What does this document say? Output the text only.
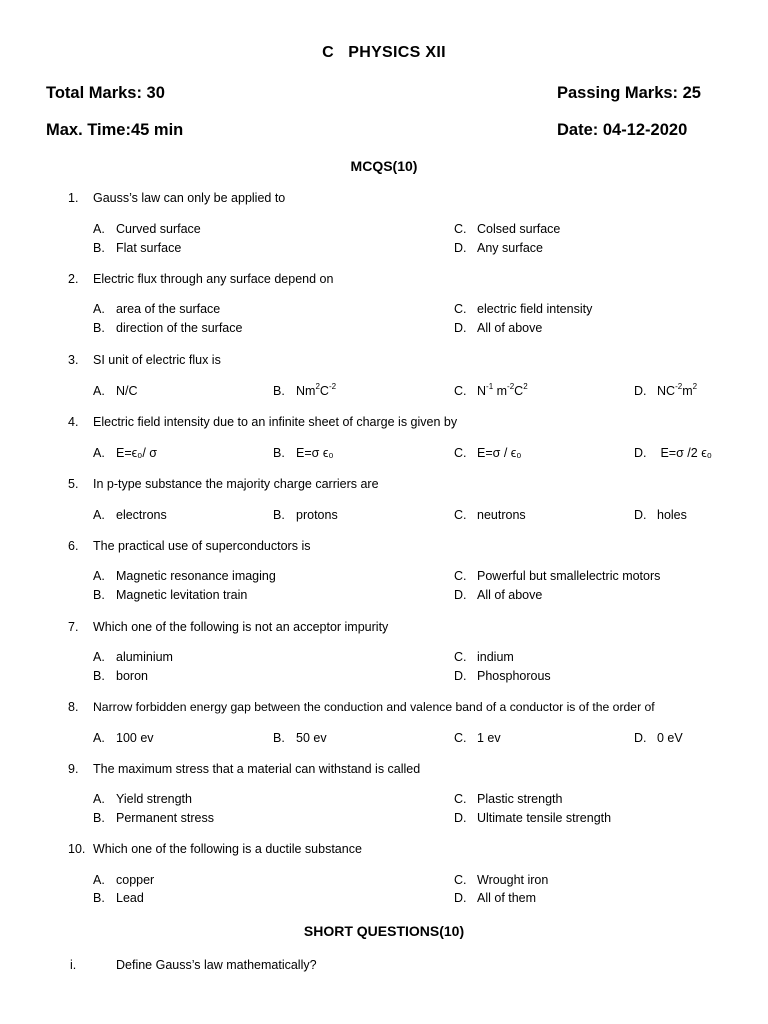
C   PHYSICS XII
Total Marks: 30	Passing Marks: 25
Max. Time:45 min	Date: 04-12-2020
MCQS(10)
1. Gauss’s law can only be applied to
A. Curved surface
B. Flat surface
C. Colsed surface
D. Any surface
2. Electric flux through any surface depend on
A. area of the surface
B. direction of the surface
C. electric field intensity
D. All of above
3. SI unit of electric flux is
A. N/C	B. $Nm^2C^{-2}$	C. $N^{-1}$ $m^{-2}C^2$	D. $NC^{-2}m^2$
4. Electric field intensity due to an infinite sheet of charge is given by
A. E=ϵ₀/ σ	B. E=σ ϵ₀	C. E=σ / ϵ₀	D. E=σ /2 ϵ₀
5. In p-type substance the majority charge carriers are
A. electrons	B. protons	C. neutrons	D. holes
6. The practical use of superconductors is
A. Magnetic resonance imaging
B. Magnetic levitation train
C. Powerful but smallelectric motors
D. All of above
7. Which one of the following is not an acceptor impurity
A. aluminium
B. boron
C. indium
D. Phosphorous
8. Narrow forbidden energy gap between the conduction and valence band of a conductor is of the order of
A. 100 ev	B. 50 ev	C. 1 ev	D. 0 eV
9. The maximum stress that a material can withstand is called
A. Yield strength
B. Permanent stress
C. Plastic strength
D. Ultimate tensile strength
10. Which one of the following is a ductile substance
A. copper
B. Lead
C. Wrought iron
D. All of them
SHORT QUESTIONS(10)
i.	Define Gauss’s law mathematically?
